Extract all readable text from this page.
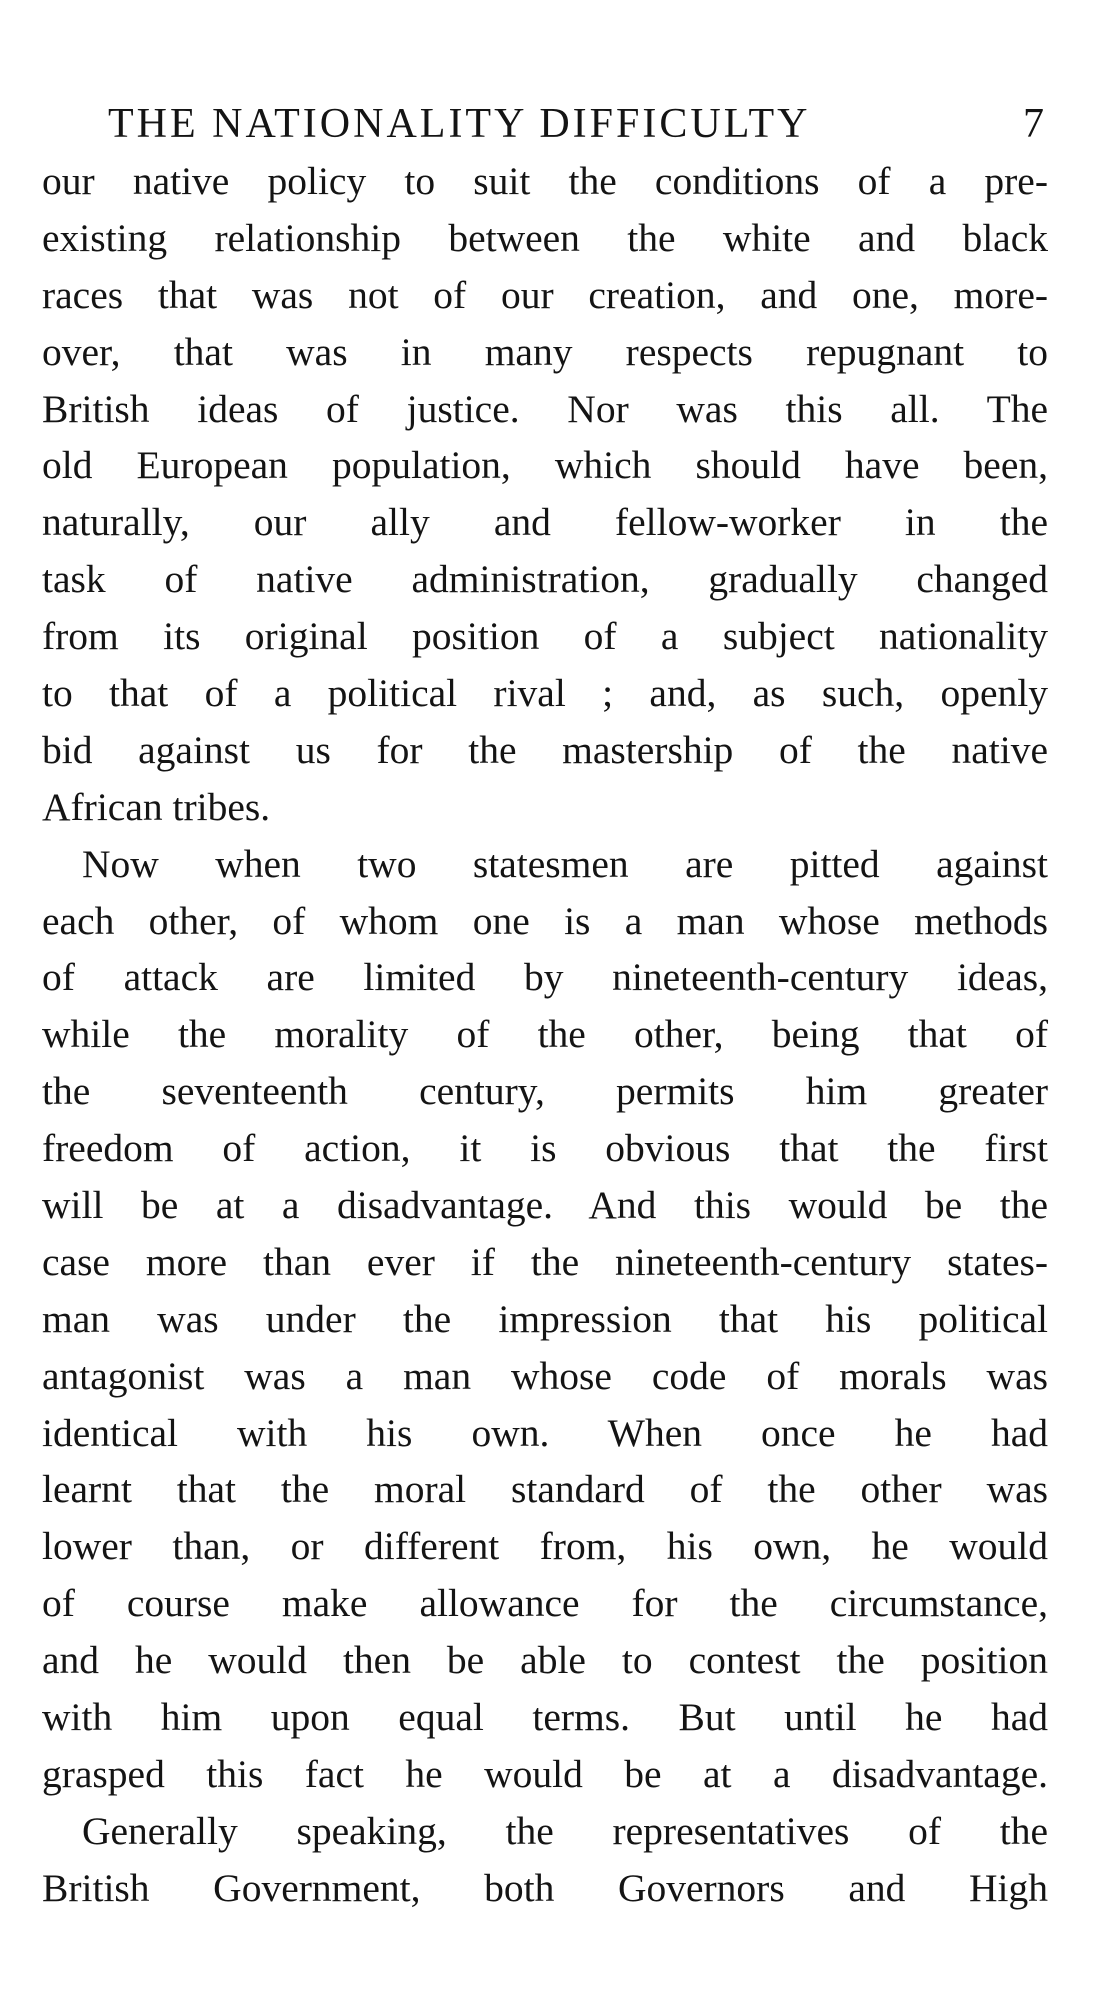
THE NATIONALITY DIFFICULTY	7
our native policy to suit the conditions of a pre-
existing relationship between the white and black
races that was not of our creation, and one, more-
over, that was in many respects repugnant to
British ideas of justice. Nor was this all. The
old European population, which should have been,
naturally, our ally and fellow-worker in the
task of native administration, gradually changed
from its original position of a subject nationality
to that of a political rival ; and, as such, openly
bid against us for the mastership of the native
African tribes.
Now when two statesmen are pitted against
each other, of whom one is a man whose methods
of attack are limited by nineteenth-century ideas,
while the morality of the other, being that of
the seventeenth century, permits him greater
freedom of action, it is obvious that the first
will be at a disadvantage. And this would be the
case more than ever if the nineteenth-century states-
man was under the impression that his political
antagonist was a man whose code of morals was
identical with his own. When once he had
learnt that the moral standard of the other was
lower than, or different from, his own, he would
of course make allowance for the circumstance,
and he would then be able to contest the position
with him upon equal terms. But until he had
grasped this fact he would be at a disadvantage.
Generally speaking, the representatives of the
British Government, both Governors and High
